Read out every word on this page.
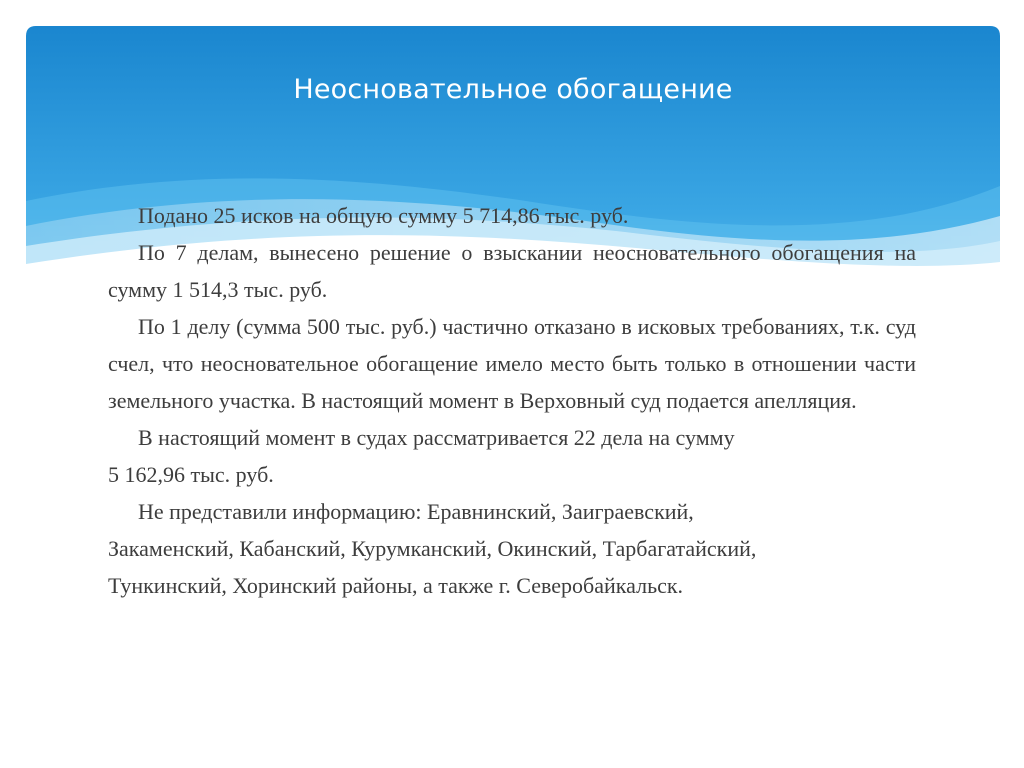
Неосновательное обогащение

Подано 25 исков на общую сумму 5 714,86 тыс. руб.

По 7 делам, вынесено решение о взыскании неосновательного обогащения на сумму 1 514,3 тыс. руб.

По 1 делу (сумма 500 тыс. руб.) частично отказано в исковых требованиях, т.к. суд счел, что неосновательное обогащение имело место быть только в отношении части земельного участка. В настоящий момент в Верховный суд подается апелляция.

В настоящий момент в судах рассматривается 22 дела на сумму

5 162,96 тыс. руб.

Не представили информацию: Еравнинский, Заиграевский,

Закаменский, Кабанский, Курумканский, Окинский, Тарбагатайский,

Тункинский, Хоринский районы, а также г. Северобайкальск.
